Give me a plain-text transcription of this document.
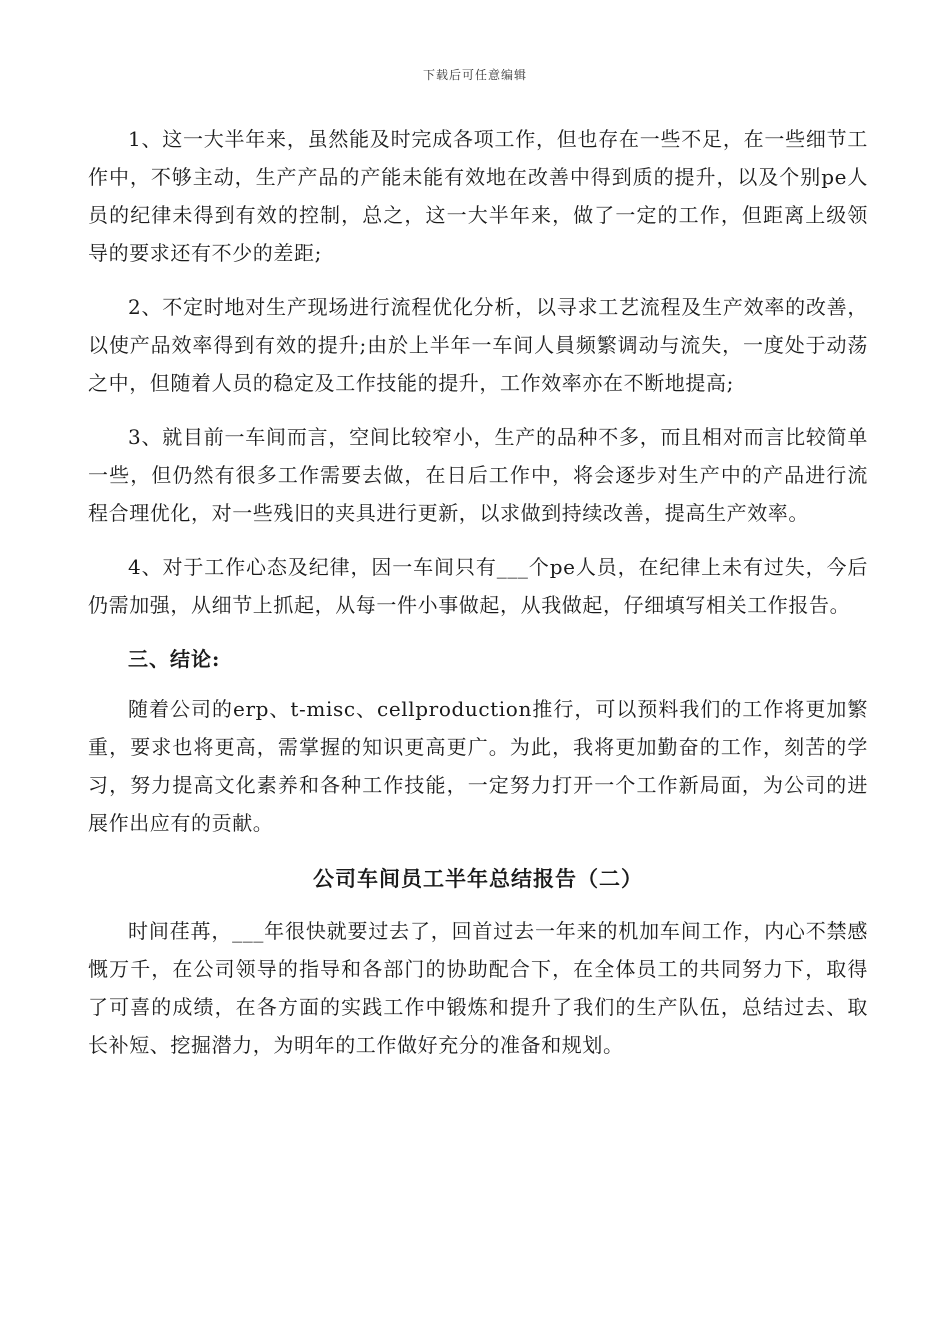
下载后可任意编辑

1、这一大半年来，虽然能及时完成各项工作，但也存在一些不足，在一些细节工作中，不够主动，生产产品的产能未能有效地在改善中得到质的提升，以及个别pe人员的纪律未得到有效的控制，总之，这一大半年来，做了一定的工作，但距离上级领导的要求还有不少的差距;

2、不定时地对生产现场进行流程优化分析，以寻求工艺流程及生产效率的改善，以使产品效率得到有效的提升;由於上半年一车间人員频繁调动与流失，一度处于动荡之中，但随着人员的稳定及工作技能的提升，工作效率亦在不断地提高;

3、就目前一车间而言，空间比较窄小，生产的品种不多，而且相对而言比较简单一些，但仍然有很多工作需要去做，在日后工作中，将会逐步对生产中的产品进行流程合理优化，对一些残旧的夹具进行更新，以求做到持续改善，提高生产效率。

4、对于工作心态及纪律，因一车间只有___个pe人员，在纪律上未有过失，今后仍需加强，从细节上抓起，从每一件小事做起，从我做起，仔细填写相关工作报告。

三、结论:

随着公司的erp、t-misc、cellproduction推行，可以预料我们的工作将更加繁重，要求也将更高，需掌握的知识更高更广。为此，我将更加勤奋的工作，刻苦的学习，努力提高文化素养和各种工作技能，一定努力打开一个工作新局面，为公司的进展作出应有的贡献。

公司车间员工半年总结报告（二）

时间荏苒，___年很快就要过去了，回首过去一年来的机加车间工作，内心不禁感慨万千，在公司领导的指导和各部门的协助配合下，在全体员工的共同努力下，取得了可喜的成绩，在各方面的实践工作中锻炼和提升了我们的生产队伍，总结过去、取长补短、挖掘潜力，为明年的工作做好充分的准备和规划。
